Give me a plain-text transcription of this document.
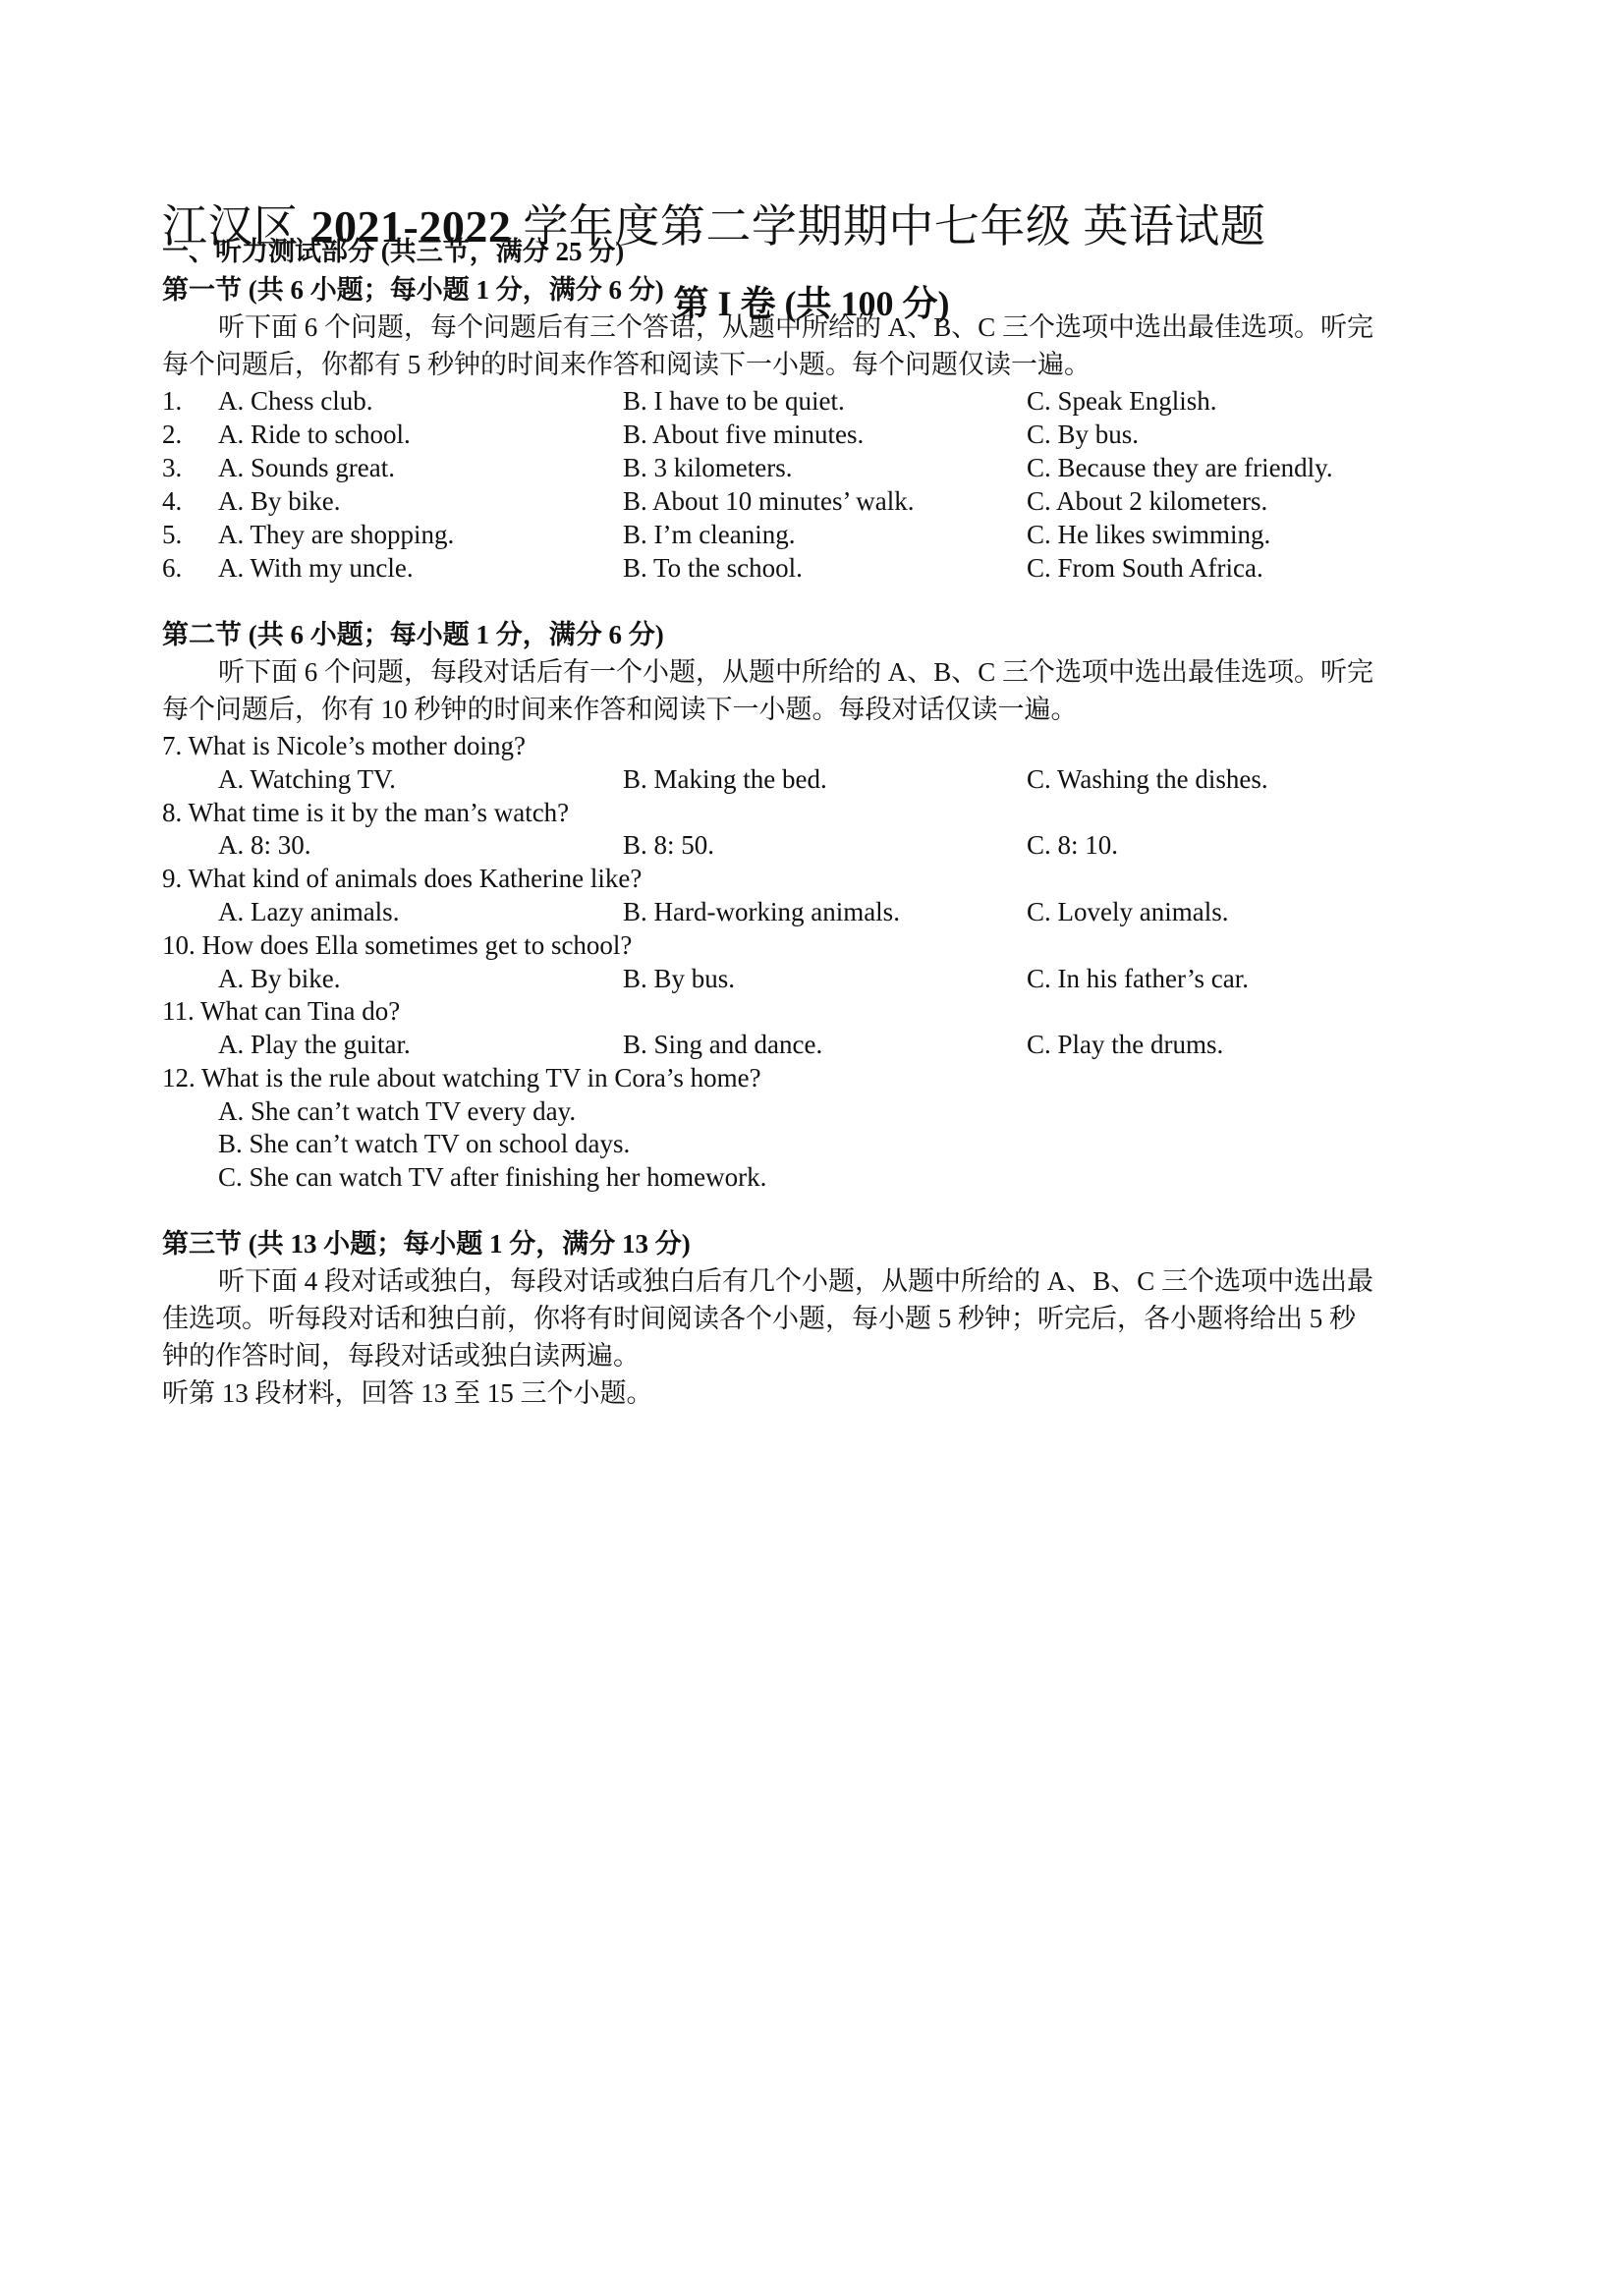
江汉区 2021-2022 学年度第二学期期中七年级 英语试题
第 I 卷 (共 100 分)
一、听力测试部分 (共三节，满分 25 分)
第一节 (共 6 小题；每小题 1 分，满分 6 分)
听下面 6 个问题，每个问题后有三个答语，从题中所给的 A、B、C 三个选项中选出最佳选项。听完
每个问题后，你都有 5 秒钟的时间来作答和阅读下一小题。每个问题仅读一遍。
1. A. Chess club.	B. I have to be quiet.	C. Speak English.
2. A. Ride to school.	B. About five minutes.	C. By bus.
3. A. Sounds great.	B. 3 kilometers.	C. Because they are friendly.
4. A. By bike.	B. About 10 minutes’ walk.	C. About 2 kilometers.
5. A. They are shopping.	B. I’m cleaning.	C. He likes swimming.
6. A. With my uncle.	B. To the school.	C. From South Africa.
第二节 (共 6 小题；每小题 1 分，满分 6 分)
听下面 6 个问题，每段对话后有一个小题，从题中所给的 A、B、C 三个选项中选出最佳选项。听完
每个问题后，你有 10 秒钟的时间来作答和阅读下一小题。每段对话仅读一遍。
7. What is Nicole’s mother doing?
A. Watching TV.	B. Making the bed.	C. Washing the dishes.
8. What time is it by the man’s watch?
A. 8: 30.	B. 8: 50.	C. 8: 10.
9. What kind of animals does Katherine like?
A. Lazy animals.	B. Hard-working animals.	C. Lovely animals.
10. How does Ella sometimes get to school?
A. By bike.	B. By bus.	C. In his father’s car.
11. What can Tina do?
A. Play the guitar.	B. Sing and dance.	C. Play the drums.
12. What is the rule about watching TV in Cora’s home?
A. She can’t watch TV every day.
B. She can’t watch TV on school days.
C. She can watch TV after finishing her homework.
第三节 (共 13 小题；每小题 1 分，满分 13 分)
听下面 4 段对话或独白，每段对话或独白后有几个小题，从题中所给的 A、B、C 三个选项中选出最
佳选项。听每段对话和独白前，你将有时间阅读各个小题，每小题 5 秒钟；听完后，各小题将给出 5 秒
钟的作答时间，每段对话或独白读两遍。
听第 13 段材料，回答 13 至 15 三个小题。
